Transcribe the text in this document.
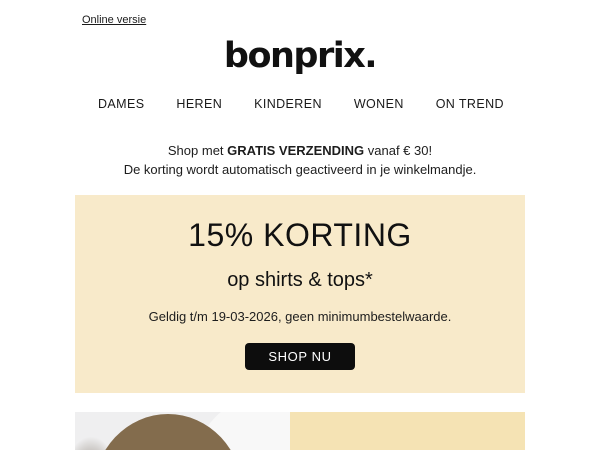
Online versie
bonprix.
DAMES	HEREN	KINDEREN	WONEN	ON TREND
Shop met GRATIS VERZENDING vanaf € 30!
De korting wordt automatisch geactiveerd in je winkelmandje.
15% KORTING
op shirts & tops*
Geldig t/m 19-03-2026, geen minimumbestelwaarde.
SHOP NU
